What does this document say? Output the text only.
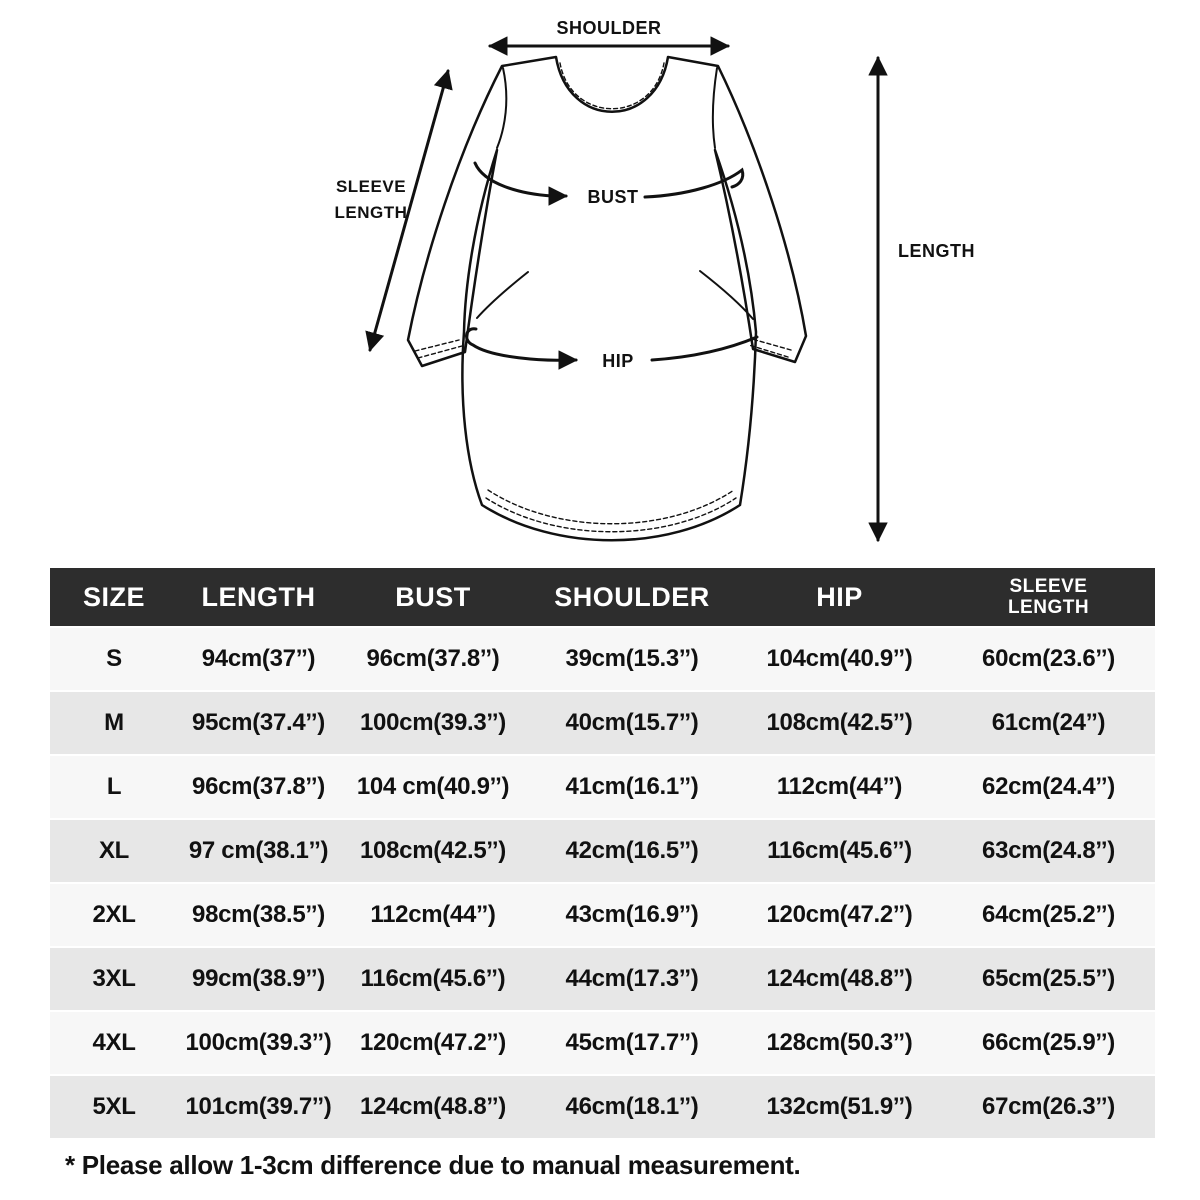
SHOULDER
SLEEVE
LENGTH
BUST
HIP
LENGTH
SIZE	LENGTH	BUST	SHOULDER	HIP	SLEEVE
LENGTH

S	94cm(37’’)	96cm(37.8’’)	39cm(15.3’’)	104cm(40.9’’)	60cm(23.6’’)
M	95cm(37.4’’)	100cm(39.3’’)	40cm(15.7’’)	108cm(42.5’’)	61cm(24’’)
L	96cm(37.8’’)	104 cm(40.9’’)	41cm(16.1’’)	112cm(44’’)	62cm(24.4’’)
XL	97 cm(38.1’’)	108cm(42.5’’)	42cm(16.5’’)	116cm(45.6’’)	63cm(24.8’’)
2XL	98cm(38.5’’)	112cm(44’’)	43cm(16.9’’)	120cm(47.2’’)	64cm(25.2’’)
3XL	99cm(38.9’’)	116cm(45.6’’)	44cm(17.3’’)	124cm(48.8’’)	65cm(25.5’’)
4XL	100cm(39.3’’)	120cm(47.2’’)	45cm(17.7’’)	128cm(50.3’’)	66cm(25.9’’)
5XL	101cm(39.7’’)	124cm(48.8’’)	46cm(18.1’’)	132cm(51.9’’)	67cm(26.3’’)
* Please allow 1-3cm difference due to manual measurement.
